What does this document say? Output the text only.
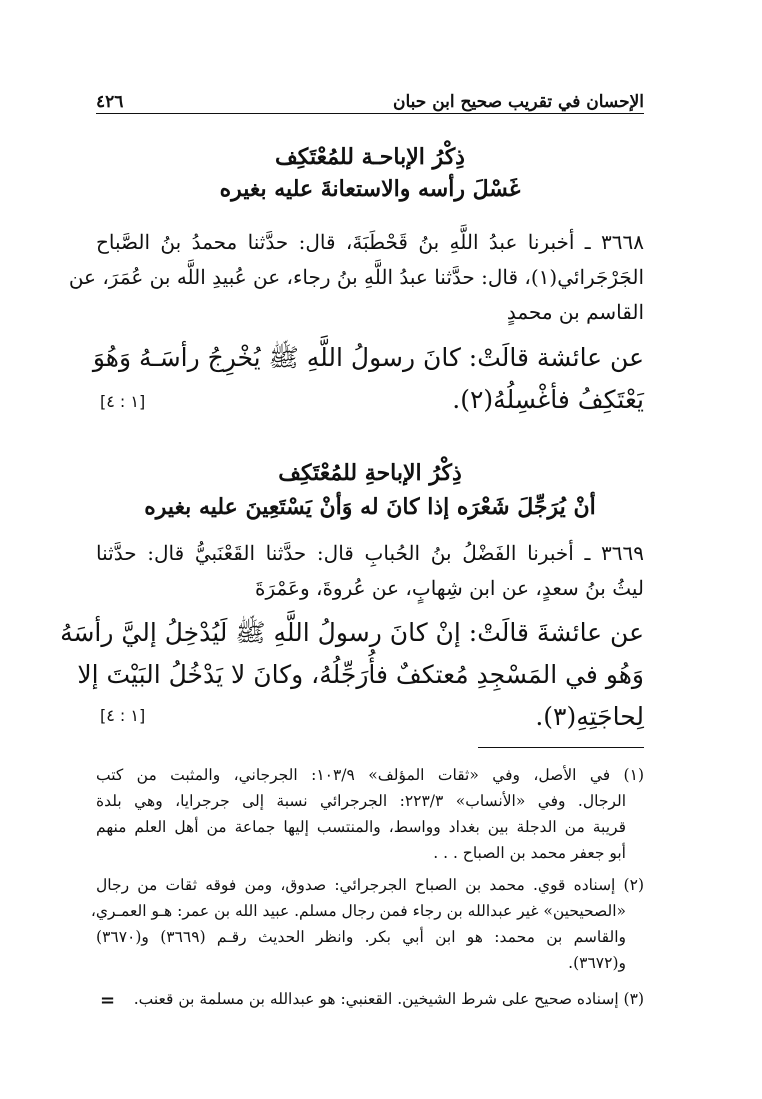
الإحسان في تقريب صحيح ابن حبان
٤٢٦
ذِكْرُ الإباحـة للمُعْتَكِف
غَسْلَ رأسه والاستعانةَ عليه بغيره
٣٦٦٨ ـ أخبرنا عبدُ اللَّهِ بنُ قَحْطَبَةَ، قال: حدَّثنا محمدُ بنُ الصَّباح
الجَرْجَرائي(١)، قال: حدَّثنا عبدُ اللَّهِ بنُ رجاء، عن عُبيدِ اللَّه بن عُمَرَ، عن
القاسم بن محمدٍ
عن عائشة قالَتْ: كانَ رسولُ اللَّهِ ﷺ يُخْرِجُ رأسَـهُ وَهُوَ
يَعْتَكِفُ فأغْسِلُهُ(٢).
[١ : ٤]
ذِكْرُ الإباحةِ للمُعْتَكِف
أنْ يُرَجِّلَ شَعْرَه إذا كانَ له وَأنْ يَسْتَعِينَ عليه بغيره
٣٦٦٩ ـ أخبرنا الفَضْلُ بنُ الحُبابِ قال: حدَّثنا القَعْنَبيُّ قال: حدَّثنا
ليثُ بنُ سعدٍ، عن ابن شِهابٍ، عن عُروةَ، وعَمْرَةَ
عن عائشةَ قالَتْ: إنْ كانَ رسولُ اللَّهِ ﷺ لَيُدْخِلُ إليَّ رأسَهُ
وَهُو في المَسْجِدِ مُعتكفٌ فأُرَجِّلُهُ، وكانَ لا يَدْخُلُ البَيْتَ إلا
لِحاجَتِهِ(٣).
[١ : ٤]
(١) في الأصل، وفي «ثقات المؤلف» ١٠٣/٩: الجرجاني، والمثبت من كتب
الرجال. وفي «الأنساب» ٢٢٣/٣: الجرجرائي نسبة إلى جرجرايا، وهي بلدة
قريبة من الدجلة بين بغداد وواسط، والمنتسب إليها جماعة من أهل العلم منهم
أبو جعفر محمد بن الصباح . . .
(٢) إسناده قوي. محمد بن الصباح الجرجرائي: صدوق، ومن فوقه ثقات من رجال
«الصحيحين» غير عبدالله بن رجاء فمن رجال مسلم. عبيد الله بن عمر: هـو العمـري،
والقاسم بن محمد: هو ابن أبي بكر. وانظر الحديث رقـم (٣٦٦٩) و(٣٦٧٠)
و(٣٦٧٢).
(٣) إسناده صحيح على شرط الشيخين. القعنبي: هو عبدالله بن مسلمة بن قعنب.
=
